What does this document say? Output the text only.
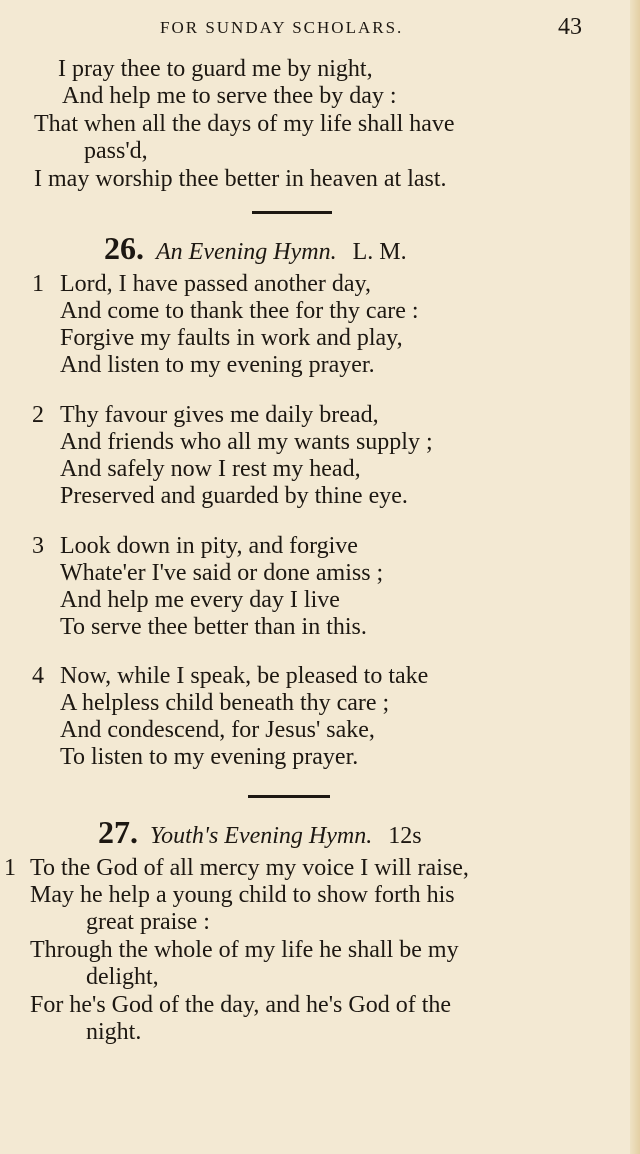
FOR SUNDAY SCHOLARS.	43
I pray thee to guard me by night,
And help me to serve thee by day :
That when all the days of my life shall have
pass'd,
I may worship thee better in heaven at last.
26. An Evening Hymn. L. M.
1 Lord, I have passed another day,
And come to thank thee for thy care :
Forgive my faults in work and play,
And listen to my evening prayer.
2 Thy favour gives me daily bread,
And friends who all my wants supply ;
And safely now I rest my head,
Preserved and guarded by thine eye.
3 Look down in pity, and forgive
Whate'er I've said or done amiss ;
And help me every day I live
To serve thee better than in this.
4 Now, while I speak, be pleased to take
A helpless child beneath thy care ;
And condescend, for Jesus' sake,
To listen to my evening prayer.
27. Youth's Evening Hymn. 12s
1 To the God of all mercy my voice I will raise,
May he help a young child to show forth his
great praise :
Through the whole of my life he shall be my
delight,
For he's God of the day, and he's God of the
night.
